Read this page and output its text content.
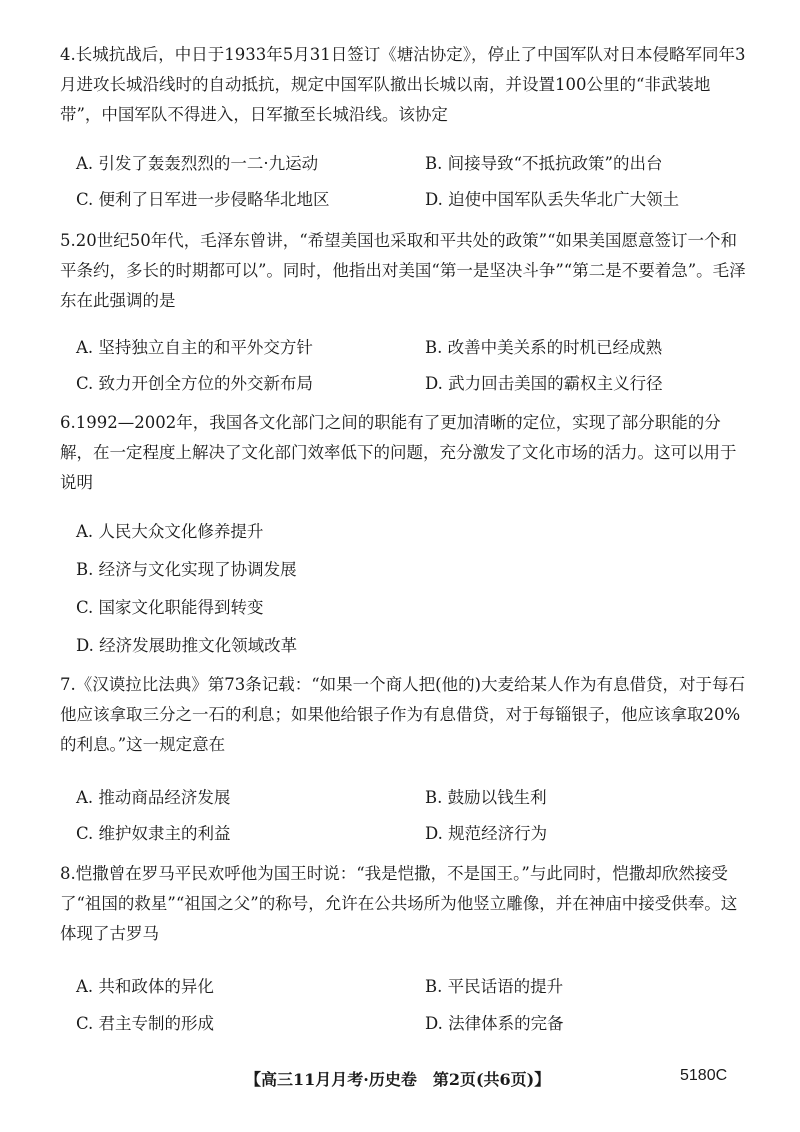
4.长城抗战后，中日于1933年5月31日签订《塘沽协定》，停止了中国军队对日本侵略军同年3月进攻长城沿线时的自动抵抗，规定中国军队撤出长城以南，并设置100公里的“非武装地带”，中国军队不得进入，日军撤至长城沿线。该协定

A. 引发了轰轰烈烈的一二·九运动	B. 间接导致“不抵抗政策”的出台
C. 便利了日军进一步侵略华北地区	D. 迫使中国军队丢失华北广大领土

5.20世纪50年代，毛泽东曾讲，“希望美国也采取和平共处的政策”“如果美国愿意签订一个和平条约，多长的时期都可以”。同时，他指出对美国“第一是坚决斗争”“第二是不要着急”。毛泽东在此强调的是

A. 坚持独立自主的和平外交方针	B. 改善中美关系的时机已经成熟
C. 致力开创全方位的外交新布局	D. 武力回击美国的霸权主义行径

6.1992—2002年，我国各文化部门之间的职能有了更加清晰的定位，实现了部分职能的分解，在一定程度上解决了文化部门效率低下的问题，充分激发了文化市场的活力。这可以用于说明

A. 人民大众文化修养提升
B. 经济与文化实现了协调发展
C. 国家文化职能得到转变
D. 经济发展助推文化领域改革

7.《汉谟拉比法典》第73条记载：“如果一个商人把(他的)大麦给某人作为有息借贷，对于每石他应该拿取三分之一石的利息；如果他给银子作为有息借贷，对于每锱银子，他应该拿取20%的利息。”这一规定意在

A. 推动商品经济发展	B. 鼓励以钱生利
C. 维护奴隶主的利益	D. 规范经济行为

8.恺撒曾在罗马平民欢呼他为国王时说：“我是恺撒，不是国王。”与此同时，恺撒却欣然接受了“祖国的救星”“祖国之父”的称号，允许在公共场所为他竖立雕像，并在神庙中接受供奉。这体现了古罗马

A. 共和政体的异化	B. 平民话语的提升
C. 君主专制的形成	D. 法律体系的完备
【高三11月月考·历史卷　第2页(共6页)】	5180C
